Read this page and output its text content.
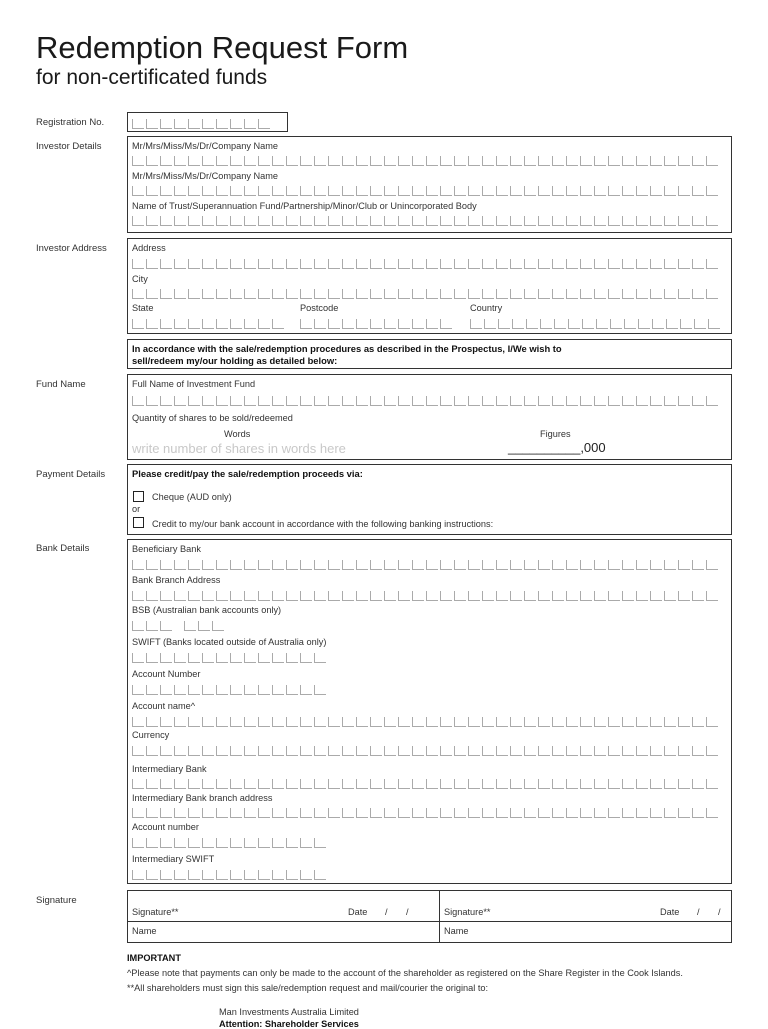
Redemption Request Form
for non-certificated funds
Registration No.
Investor Details
Investor Address
Fund Name
Payment Details
Bank Details
Signature
Mr/Mrs/Miss/Ms/Dr/Company Name
Mr/Mrs/Miss/Ms/Dr/Company Name
Name of Trust/Superannuation Fund/Partnership/Minor/Club or Unincorporated Body
Address
City
State	Postcode	Country
In accordance with the sale/redemption procedures as described in the Prospectus, I/We wish to
sell/redeem my/our holding as detailed below:
Full Name of Investment Fund
Quantity of shares to be sold/redeemed
Words	Figures
write number of shares in words here	__________,000
Please credit/pay the sale/redemption proceeds via:
Cheque (AUD only)
or
Credit to my/our bank account in accordance with the following banking instructions:
Beneficiary Bank
Bank Branch Address
BSB (Australian bank accounts only)
SWIFT (Banks located outside of Australia only)
Account Number
Account name^
Currency
Intermediary Bank
Intermediary Bank branch address
Account number
Intermediary SWIFT
Signature**	Date / /	Signature**	Date / /
Name	Name
IMPORTANT
^Please note that payments can only be made to the account of the shareholder as registered on the Share Register in the Cook Islands.
**All shareholders must sign this sale/redemption request and mail/courier the original to:
Man Investments Australia Limited
Attention: Shareholder Services
